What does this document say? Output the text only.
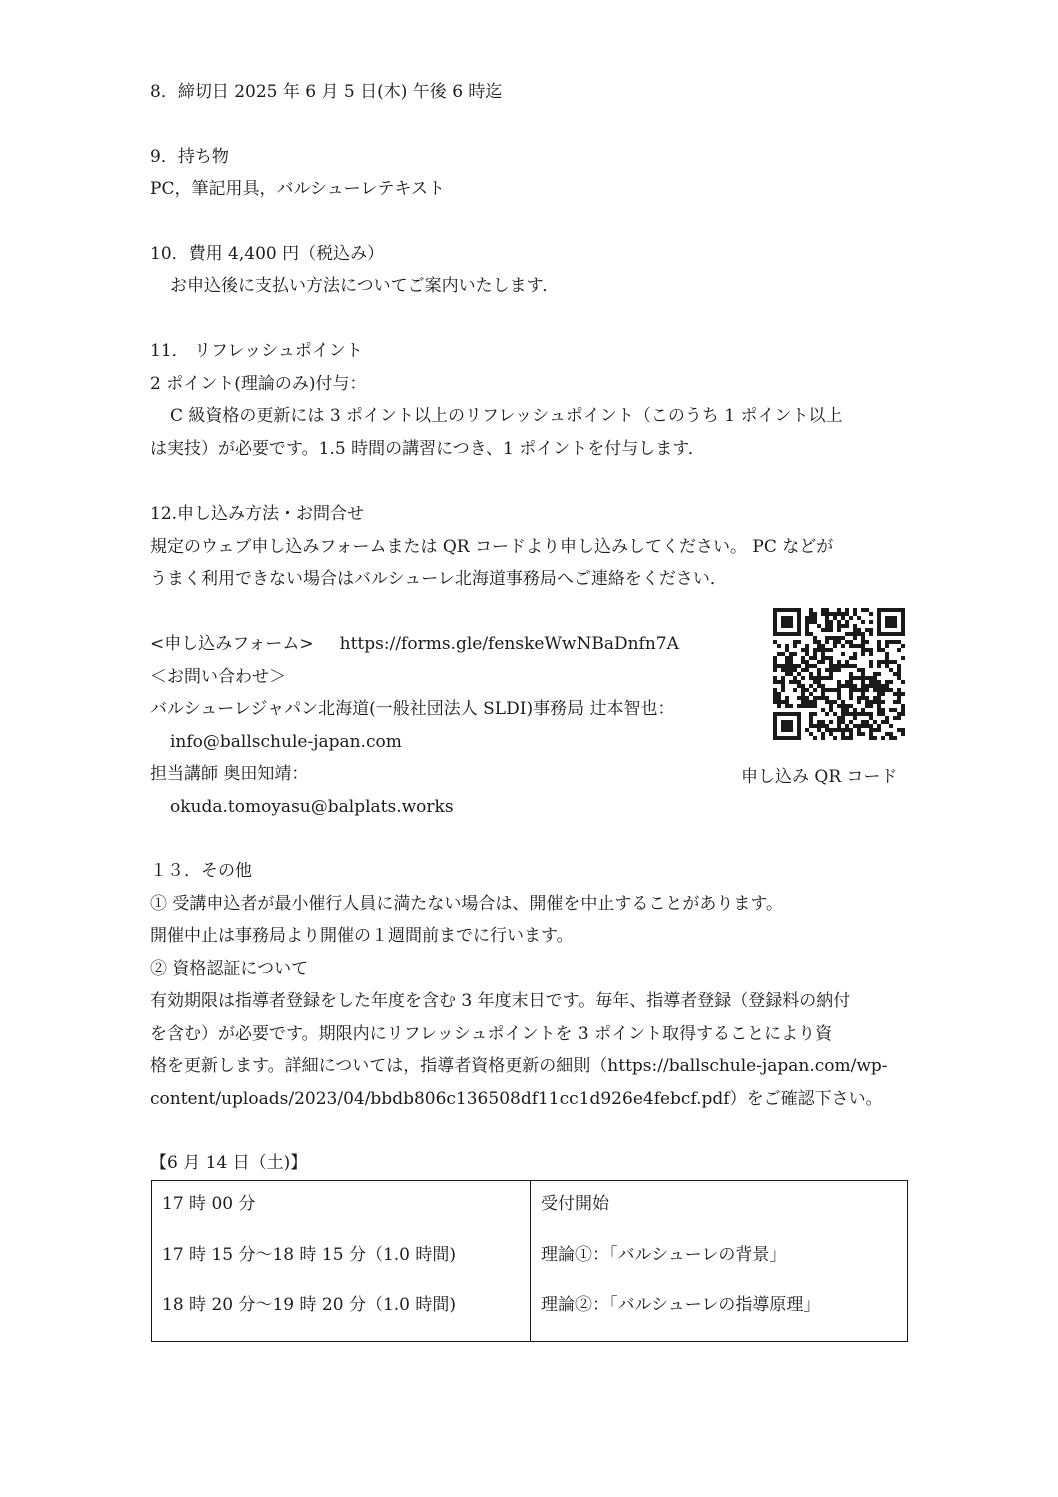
8．締切日 2025 年 6 月 5 日(木) 午後 6 時迄
9．持ち物
PC，筆記用具，バルシューレテキスト
10．費用 4,400 円（税込み）
お申込後に支払い方法についてご案内いたします．
11． リフレッシュポイント
2 ポイント(理論のみ)付与：
C 級資格の更新には 3 ポイント以上のリフレッシュポイント（このうち 1 ポイント以上
は実技）が必要です。1.5 時間の講習につき、1 ポイントを付与します．
12.申し込み方法・お問合せ
規定のウェブ申し込みフォームまたは QR コードより申し込みしてください。 PC などが
うまく利用できない場合はバルシューレ北海道事務局へご連絡をください．
<申し込みフォーム> https://forms.gle/fenskeWwNBaDnfn7A
＜お問い合わせ＞
バルシューレジャパン北海道(一般社団法人 SLDI)事務局 辻本智也：
info@ballschule-japan.com
担当講師 奥田知靖：
okuda.tomoyasu@balplats.works
申し込み QR コード
１３．その他
① 受講申込者が最小催行人員に満たない場合は、開催を中止することがあります。
開催中止は事務局より開催の１週間前までに行います。
② 資格認証について
有効期限は指導者登録をした年度を含む 3 年度末日です。毎年、指導者登録（登録料の納付
を含む）が必要です。期限内にリフレッシュポイントを 3 ポイント取得することにより資
格を更新します。詳細については，指導者資格更新の細則（https://ballschule-japan.com/wp-
content/uploads/2023/04/bbdb806c136508df11cc1d926e4febcf.pdf）をご確認下さい。
【6 月 14 日（土)】
17 時 00 分	受付開始
17 時 15 分～18 時 15 分（1.0 時間)	理論①：「バルシューレの背景」
18 時 20 分～19 時 20 分（1.0 時間)	理論②：「バルシューレの指導原理」
